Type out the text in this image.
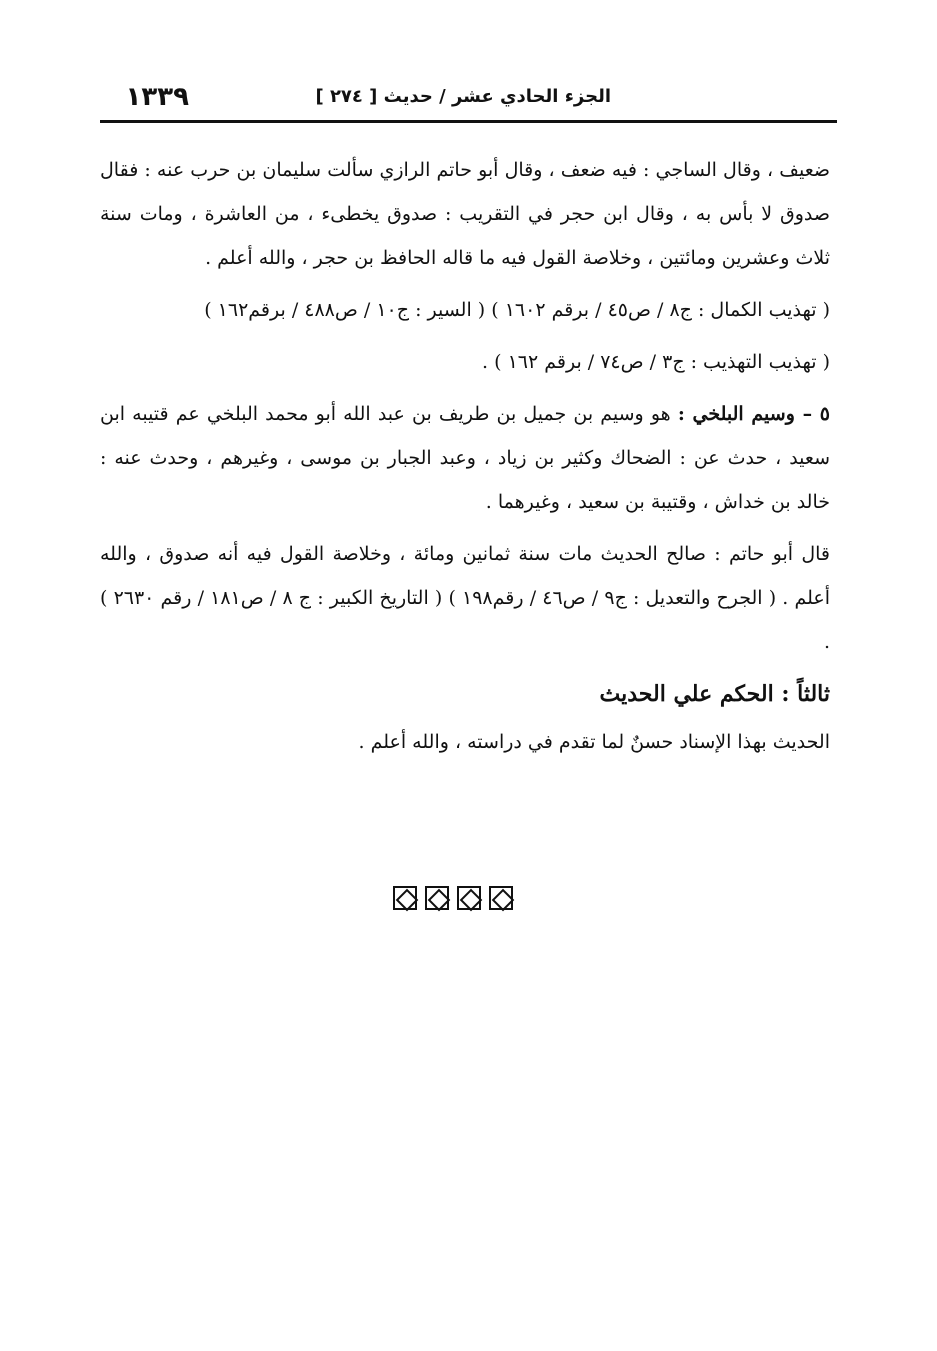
١٣٣٩	الجزء الحادي عشر / حديث [ ٢٧٤ ]

ضعيف ، وقال الساجي : فيه ضعف ، وقال أبو حاتم الرازي سألت سليمان بن حرب عنه : فقال صدوق لا بأس به ، وقال ابن حجر في التقريب : صدوق يخطىء ، من العاشرة ، ومات سنة ثلاث وعشرين ومائتين ، وخلاصة القول فيه ما قاله الحافظ بن حجر ، والله أعلم .

( تهذيب الكمال : ج٨ / ص٤٥ / برقم ١٦٠٢ ) ( السير : ج١٠ / ص٤٨٨ / برقم١٦٢ )

( تهذيب التهذيب : ج٣ / ص٧٤ / برقم ١٦٢ ) .

٥ – وسيم البلخي : هو وسيم بن جميل بن طريف بن عبد الله أبو محمد البلخي عم قتيبه ابن سعيد ، حدث عن : الضحاك وكثير بن زياد ، وعبد الجبار بن موسى ، وغيرهم ، وحدث عنه : خالد بن خداش ، وقتيبة بن سعيد ، وغيرهما .

قال أبو حاتم : صالح الحديث مات سنة ثمانين ومائة ، وخلاصة القول فيه أنه صدوق ، والله أعلم . ( الجرح والتعديل : ج٩ / ص٤٦ / رقم١٩٨ ) ( التاريخ الكبير : ج ٨ / ص١٨١ / رقم ٢٦٣٠ ) .

ثالثاً : الحكم علي الحديث

الحديث بهذا الإسناد حسنٌ لما تقدم في دراسته ، والله أعلم .
